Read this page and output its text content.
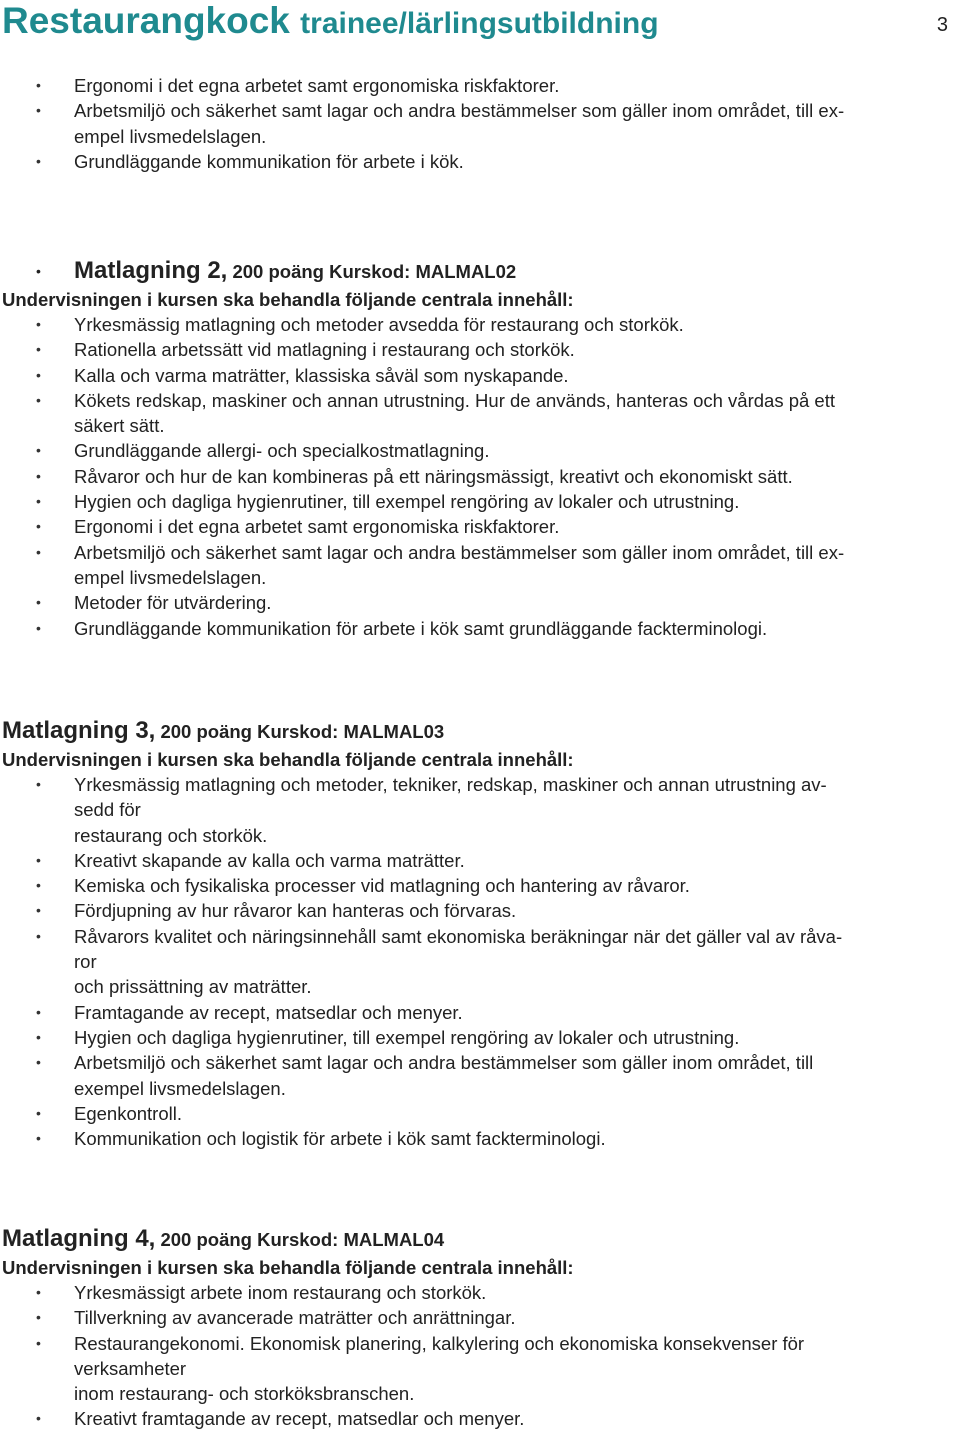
Restaurangkock trainee/lärlingsutbildning	3
• Ergonomi i det egna arbetet samt ergonomiska riskfaktorer.
• Arbetsmiljö och säkerhet samt lagar och andra bestämmelser som gäller inom området, till ex-
empel livsmedelslagen.
• Grundläggande kommunikation för arbete i kök.
• Matlagning 2, 200 poäng Kurskod: MALMAL02
Undervisningen i kursen ska behandla följande centrala innehåll:
• Yrkesmässig matlagning och metoder avsedda för restaurang och storkök.
• Rationella arbetssätt vid matlagning i restaurang och storkök.
• Kalla och varma maträtter, klassiska såväl som nyskapande.
• Kökets redskap, maskiner och annan utrustning. Hur de används, hanteras och vårdas på ett
säkert sätt.
• Grundläggande allergi- och specialkostmatlagning.
• Råvaror och hur de kan kombineras på ett näringsmässigt, kreativt och ekonomiskt sätt.
• Hygien och dagliga hygienrutiner, till exempel rengöring av lokaler och utrustning.
• Ergonomi i det egna arbetet samt ergonomiska riskfaktorer.
• Arbetsmiljö och säkerhet samt lagar och andra bestämmelser som gäller inom området, till ex-
empel livsmedelslagen.
• Metoder för utvärdering.
• Grundläggande kommunikation för arbete i kök samt grundläggande fackterminologi.
Matlagning 3, 200 poäng Kurskod: MALMAL03
Undervisningen i kursen ska behandla följande centrala innehåll:
• Yrkesmässig matlagning och metoder, tekniker, redskap, maskiner och annan utrustning av-
sedd för
restaurang och storkök.
• Kreativt skapande av kalla och varma maträtter.
• Kemiska och fysikaliska processer vid matlagning och hantering av råvaror.
• Fördjupning av hur råvaror kan hanteras och förvaras.
• Råvarors kvalitet och näringsinnehåll samt ekonomiska beräkningar när det gäller val av råva-
ror
och prissättning av maträtter.
• Framtagande av recept, matsedlar och menyer.
• Hygien och dagliga hygienrutiner, till exempel rengöring av lokaler och utrustning.
• Arbetsmiljö och säkerhet samt lagar och andra bestämmelser som gäller inom området, till
exempel livsmedelslagen.
• Egenkontroll.
• Kommunikation och logistik för arbete i kök samt fackterminologi.
Matlagning 4, 200 poäng Kurskod: MALMAL04
Undervisningen i kursen ska behandla följande centrala innehåll:
• Yrkesmässigt arbete inom restaurang och storkök.
• Tillverkning av avancerade maträtter och anrättningar.
• Restaurangekonomi. Ekonomisk planering, kalkylering och ekonomiska konsekvenser för
verksamheter
inom restaurang- och storköksbranschen.
• Kreativt framtagande av recept, matsedlar och menyer.
